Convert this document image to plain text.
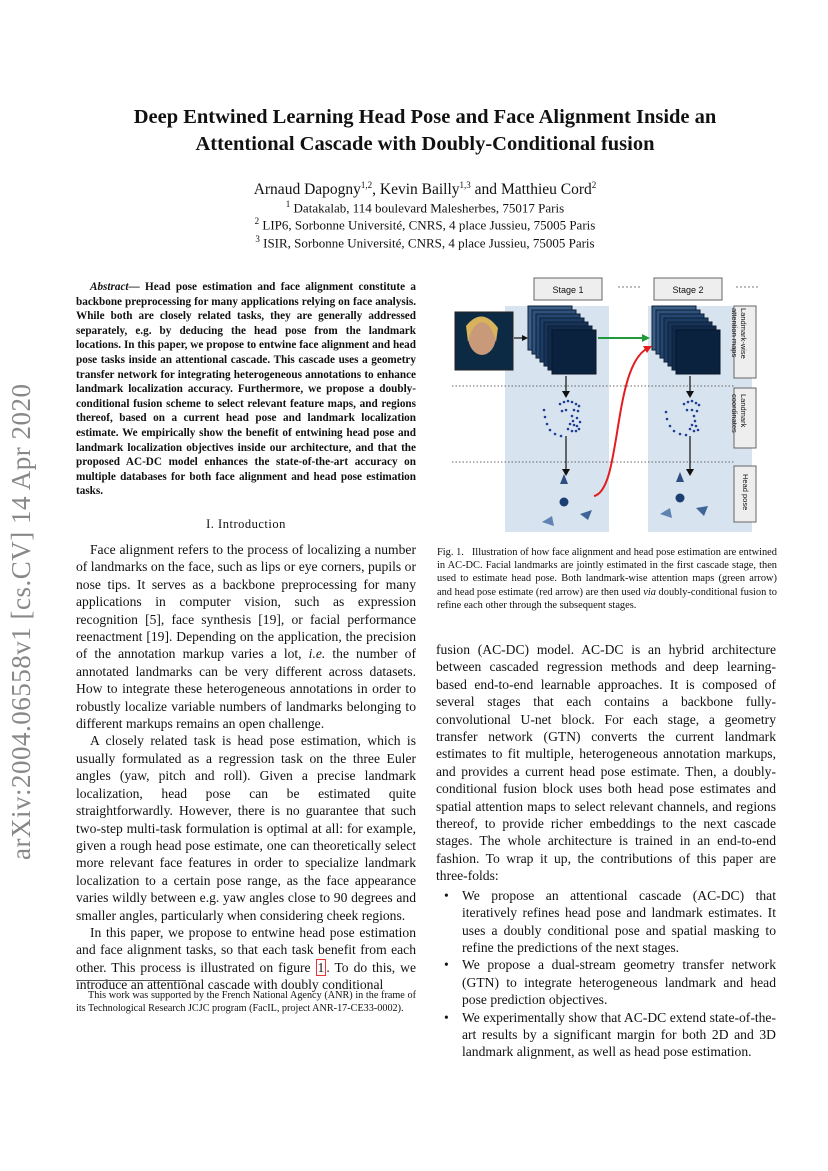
Deep Entwined Learning Head Pose and Face Alignment Inside an
Attentional Cascade with Doubly-Conditional fusion
Arnaud Dapogny$^{1,2}$, Kevin Bailly$^{1,3}$ and Matthieu Cord$^2$
$^1$ Datakalab, 114 boulevard Malesherbes, 75017 Paris
$^2$ LIP6, Sorbonne Université, CNRS, 4 place Jussieu, 75005 Paris
$^3$ ISIR, Sorbonne Université, CNRS, 4 place Jussieu, 75005 Paris
arXiv:2004.06558v1 [cs.CV] 14 Apr 2020
Abstract— Head pose estimation and face alignment constitute a backbone preprocessing for many applications relying on face analysis. While both are closely related tasks, they are generally addressed separately, e.g. by deducing the head pose from the landmark locations. In this paper, we propose to entwine face alignment and head pose tasks inside an attentional cascade. This cascade uses a geometry transfer network for integrating heterogeneous annotations to enhance landmark localization accuracy. Furthermore, we propose a doubly-conditional fusion scheme to select relevant feature maps, and regions thereof, based on a current head pose and landmark localization estimate. We empirically show the benefit of entwining head pose and landmark localization objectives inside our architecture, and that the proposed AC-DC model enhances the state-of-the-art accuracy on multiple databases for both face alignment and head pose estimation tasks.
I. Introduction

Face alignment refers to the process of localizing a number of landmarks on the face, such as lips or eye corners, pupils or nose tips. It serves as a backbone preprocessing for many applications in computer vision, such as expression recognition [5], face synthesis [19], or facial performance reenactment [19]. Depending on the application, the precision of the annotation markup varies a lot, i.e. the number of annotated landmarks can be very different across datasets. How to integrate these heterogeneous annotations in order to robustly localize variable numbers of landmarks belonging to different markups remains an open challenge.

A closely related task is head pose estimation, which is usually formulated as a regression task on the three Euler angles (yaw, pitch and roll). Given a precise landmark localization, head pose can be estimated quite straightforwardly. However, there is no guarantee that such two-step multi-task formulation is optimal at all: for example, given a rough head pose estimate, one can theoretically select more relevant face features in order to specialize landmark localization to a certain pose range, as the face appearance varies wildly between e.g. yaw angles close to 90 degrees and smaller angles, particularly when considering cheek regions.

In this paper, we propose to entwine head pose estimation and face alignment tasks, so that each task benefit from each other. This process is illustrated on figure 1 . To do this, we introduce an attentional cascade with doubly conditional

This work was supported by the French National Agency (ANR) in the frame of its Technological Research JCJC program (FacIL, project ANR-17-CE33-0002).
Stage 1	Stage 2
Landmark-wiseattention maps
Landmarkcoordinates
Head pose
Fig. 1. Illustration of how face alignment and head pose estimation are entwined in AC-DC. Facial landmarks are jointly estimated in the first cascade stage, then used to estimate head pose. Both landmark-wise attention maps (green arrow) and head pose estimate (red arrow) are then used via doubly-conditional fusion to refine each other through the subsequent stages.

fusion (AC-DC) model. AC-DC is an hybrid architecture between cascaded regression methods and deep learning-based end-to-end learnable approaches. It is composed of several stages that each contains a backbone fully-convolutional U-net block. For each stage, a geometry transfer network (GTN) converts the current landmark estimates to fit multiple, heterogeneous annotation markups, and provides a current head pose estimate. Then, a doubly-conditional fusion block uses both head pose estimates and spatial attention maps to select relevant channels, and regions thereof, to provide richer embeddings to the next cascade stages. The whole architecture is trained in an end-to-end fashion. To wrap it up, the contributions of this paper are three-folds:

• We propose an attentional cascade (AC-DC) that iteratively refines head pose and landmark estimates. It uses a doubly conditional pose and spatial masking to refine the predictions of the next stages.
• We propose a dual-stream geometry transfer network (GTN) to integrate heterogeneous landmark and head pose prediction objectives.
• We experimentally show that AC-DC extend state-of-the-art results by a significant margin for both 2D and 3D landmark alignment, as well as head pose estimation.
